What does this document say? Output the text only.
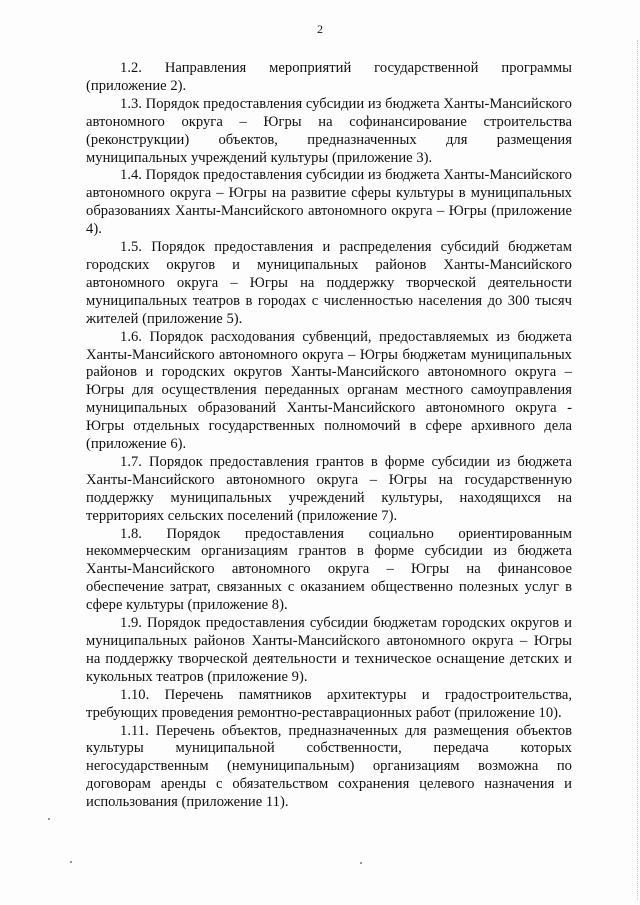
2

1.2. Направления мероприятий государственной программы (приложение 2).

1.3. Порядок предоставления субсидии из бюджета Ханты-Мансийского автономного округа – Югры на софинансирование строительства (реконструкции) объектов, предназначенных для размещения муниципальных учреждений культуры (приложение 3).

1.4. Порядок предоставления субсидии из бюджета Ханты-Мансийского автономного округа – Югры на развитие сферы культуры в муниципальных образованиях Ханты-Мансийского автономного округа – Югры (приложение 4).

1.5. Порядок предоставления и распределения субсидий бюджетам городских округов и муниципальных районов Ханты-Мансийского автономного округа – Югры на поддержку творческой деятельности муниципальных театров в городах с численностью населения до 300 тысяч жителей (приложение 5).

1.6. Порядок расходования субвенций, предоставляемых из бюджета Ханты-Мансийского автономного округа – Югры бюджетам муниципальных районов и городских округов Ханты-Мансийского автономного округа – Югры для осуществления переданных органам местного самоуправления муниципальных образований Ханты-Мансийского автономного округа - Югры отдельных государственных полномочий в сфере архивного дела (приложение 6).

1.7. Порядок предоставления грантов в форме субсидии из бюджета Ханты-Мансийского автономного округа – Югры на государственную поддержку муниципальных учреждений культуры, находящихся на территориях сельских поселений (приложение 7).

1.8. Порядок предоставления социально ориентированным некоммерческим организациям грантов в форме субсидии из бюджета Ханты-Мансийского автономного округа – Югры на финансовое обеспечение затрат, связанных с оказанием общественно полезных услуг в сфере культуры (приложение 8).

1.9. Порядок предоставления субсидии бюджетам городских округов и муниципальных районов Ханты-Мансийского автономного округа – Югры на поддержку творческой деятельности и техническое оснащение детских и кукольных театров (приложение 9).

1.10. Перечень памятников архитектуры и градостроительства, требующих проведения ремонтно-реставрационных работ (приложение 10).

1.11. Перечень объектов, предназначенных для размещения объектов культуры муниципальной собственности, передача которых негосударственным (немуниципальным) организациям возможна по договорам аренды с обязательством сохранения целевого назначения и использования (приложение 11).
